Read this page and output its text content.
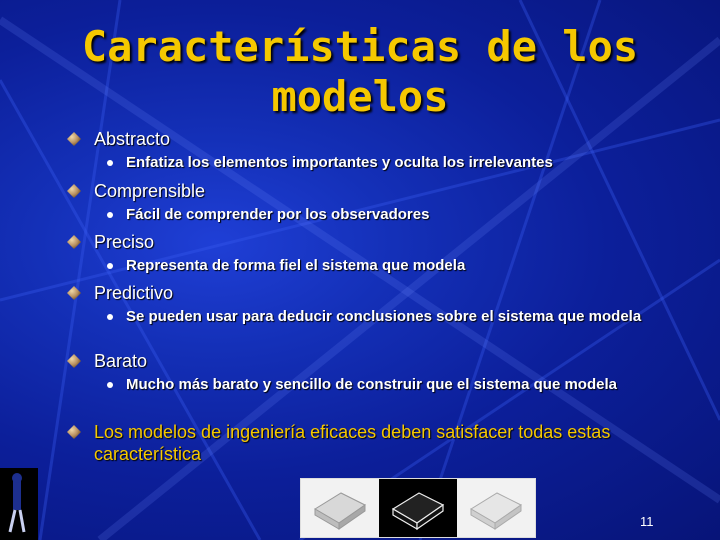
Características de los modelos
Abstracto
Enfatiza los elementos importantes y oculta los irrelevantes
Comprensible
Fácil de comprender por los observadores
Preciso
Representa de forma fiel el sistema que modela
Predictivo
Se pueden usar para deducir conclusiones sobre el sistema que modela
Barato
Mucho más barato y sencillo de construir que el sistema que modela
Los modelos de ingeniería eficaces deben satisfacer todas estas característica
11
